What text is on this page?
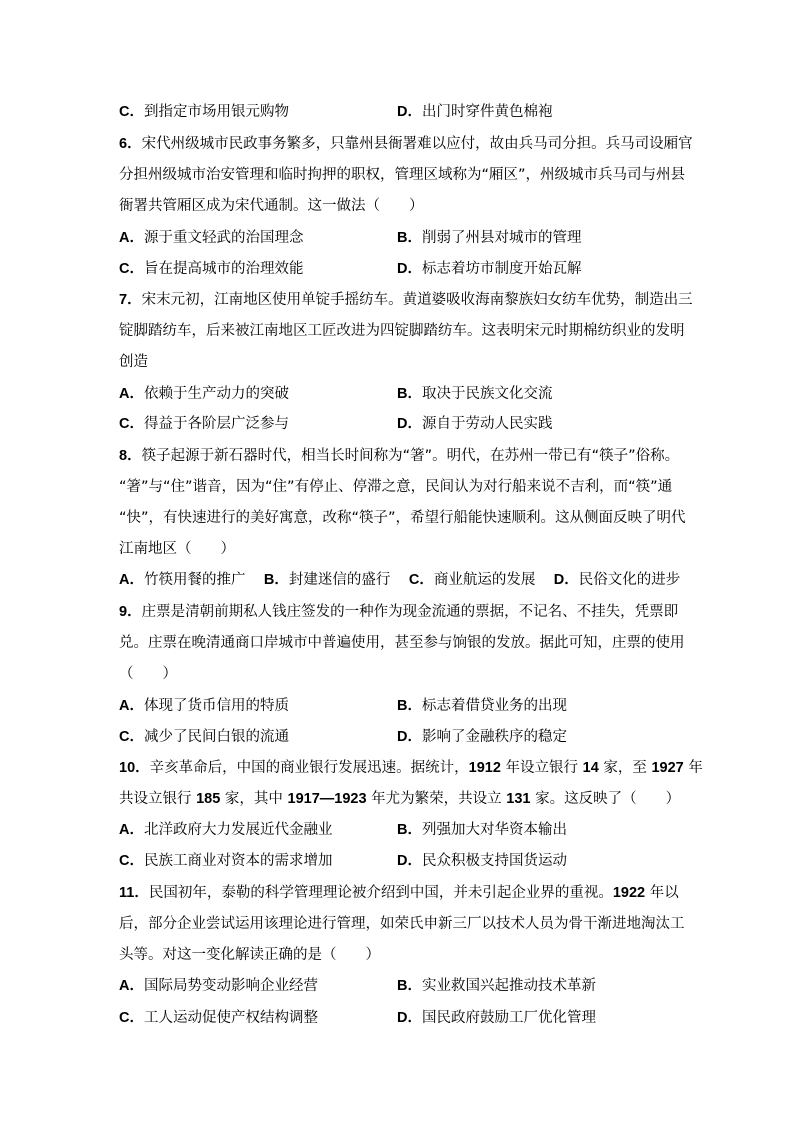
C．到指定市场用银元购物	D．出门时穿件黄色棉袍
6．宋代州级城市民政事务繁多，只靠州县衙署难以应付，故由兵马司分担。兵马司设厢官
分担州级城市治安管理和临时拘押的职权，管理区域称为“厢区”，州级城市兵马司与州县
衙署共管厢区成为宋代通制。这一做法（　　）
A．源于重文轻武的治国理念	B．削弱了州县对城市的管理
C．旨在提高城市的治理效能	D．标志着坊市制度开始瓦解
7．宋末元初，江南地区使用单锭手摇纺车。黄道婆吸收海南黎族妇女纺车优势，制造出三
锭脚踏纺车，后来被江南地区工匠改进为四锭脚踏纺车。这表明宋元时期棉纺织业的发明
创造
A．依赖于生产动力的突破	B．取决于民族文化交流
C．得益于各阶层广泛参与	D．源自于劳动人民实践
8．筷子起源于新石器时代，相当长时间称为“箸”。明代，在苏州一带已有“筷子”俗称。
“箸”与“住”谐音，因为“住”有停止、停滞之意，民间认为对行船来说不吉利，而“筷”通
“快”，有快速进行的美好寓意，改称“筷子”，希望行船能快速顺利。这从侧面反映了明代
江南地区（　　）
A．竹筷用餐的推广 B．封建迷信的盛行 C．商业航运的发展 D．民俗文化的进步
9．庄票是清朝前期私人钱庄签发的一种作为现金流通的票据，不记名、不挂失，凭票即
兑。庄票在晚清通商口岸城市中普遍使用，甚至参与饷银的发放。据此可知，庄票的使用
（　　）
A．体现了货币信用的特质	B．标志着借贷业务的出现
C．减少了民间白银的流通	D．影响了金融秩序的稳定
10．辛亥革命后，中国的商业银行发展迅速。据统计，1912 年设立银行 14 家，至 1927 年
共设立银行 185 家，其中 1917—1923 年尤为繁荣，共设立 131 家。这反映了（　　）
A．北洋政府大力发展近代金融业	B．列强加大对华资本输出
C．民族工商业对资本的需求增加	D．民众积极支持国货运动
11．民国初年，泰勒的科学管理理论被介绍到中国，并未引起企业界的重视。1922 年以
后，部分企业尝试运用该理论进行管理，如荣氏申新三厂以技术人员为骨干渐进地淘汰工
头等。对这一变化解读正确的是（　　）
A．国际局势变动影响企业经营	B．实业救国兴起推动技术革新
C．工人运动促使产权结构调整	D．国民政府鼓励工厂优化管理
